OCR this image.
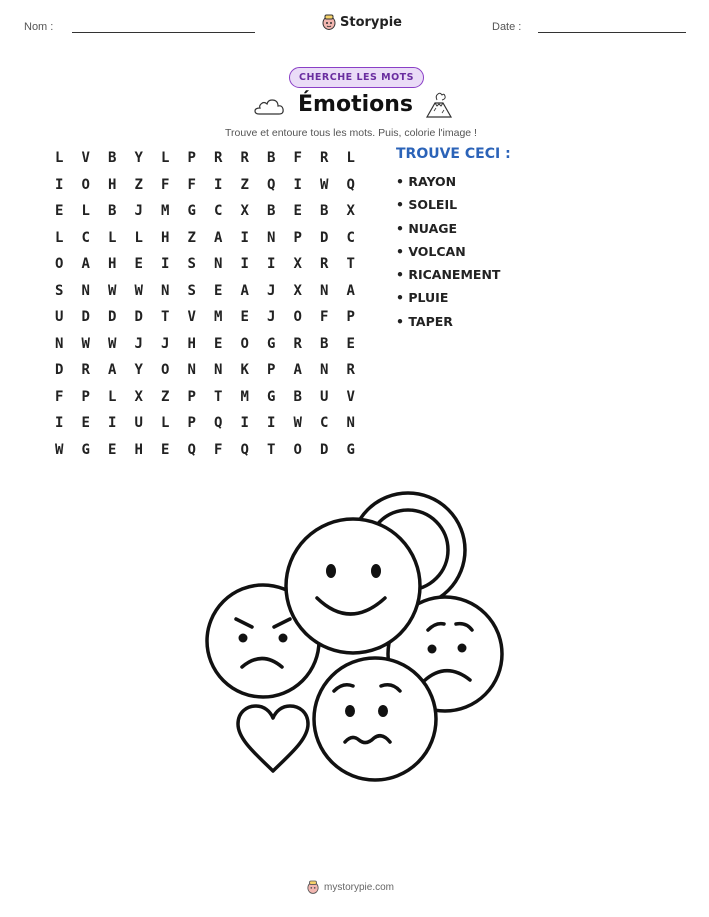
Nom :	Storypie	Date :
CHERCHE LES MOTS
Émotions
Trouve et entoure tous les mots. Puis, colorie l'image !
L	V	B	Y	L	P	R	R	B	F	R	L
I	O	H	Z	F	F	I	Z	Q	I	W	Q
E	L	B	J	M	G	C	X	B	E	B	X
L	C	L	L	H	Z	A	I	N	P	D	C
O	A	H	E	I	S	N	I	I	X	R	T
S	N	W	W	N	S	E	A	J	X	N	A
U	D	D	D	T	V	M	E	J	O	F	P
N	W	W	J	J	H	E	O	G	R	B	E
D	R	A	Y	O	N	N	K	P	A	N	R
F	P	L	X	Z	P	T	M	G	B	U	V
I	E	I	U	L	P	Q	I	I	W	C	N
W	G	E	H	E	Q	F	Q	T	O	D	G
TROUVE CECI :
• RAYON
• SOLEIL
• NUAGE
• VOLCAN
• RICANEMENT
• PLUIE
• TAPER
mystorypie.com
